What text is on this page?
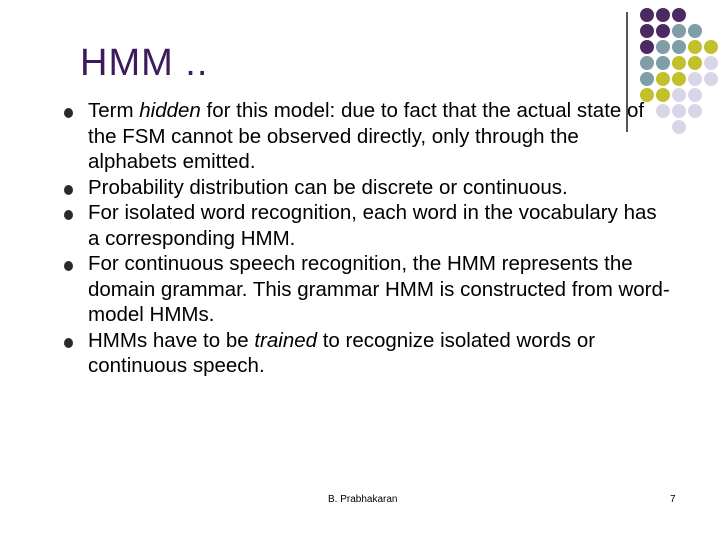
HMM ..
Term hidden for this model: due to fact that the actual state of the FSM cannot be observed directly, only through the alphabets emitted.
Probability distribution can be discrete or continuous.
For isolated word recognition, each word in the vocabulary has a corresponding HMM.
For continuous speech recognition, the HMM represents the domain grammar. This grammar HMM is constructed from word-model HMMs.
HMMs have to be trained to recognize isolated words or continuous speech.
B. Prabhakaran	7
